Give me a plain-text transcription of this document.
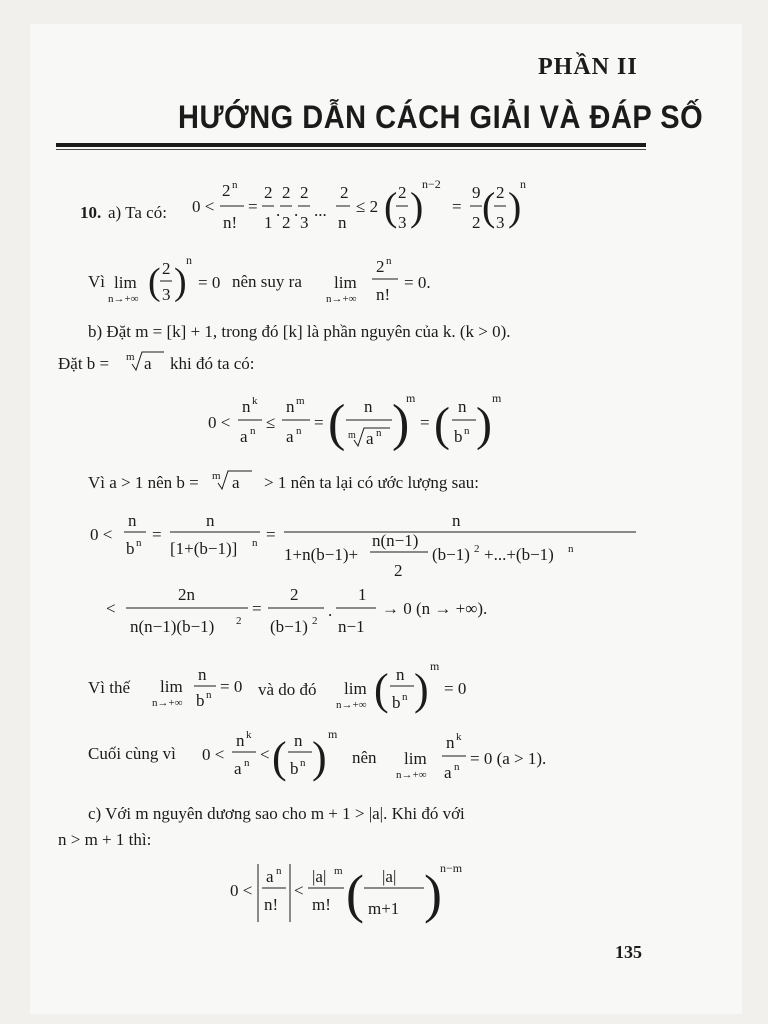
PHẦN II
HƯỚNG DẪN CÁCH GIẢI VÀ ĐÁP SỐ
10. a) Ta có: 0 <
2 n
n!
=
2
1
.
2
2
.
2
3
...
2
n
≤ 2 ( 2
3 )
n−2
=
9
2 ( 2
3 )
n
Vì lim
n→+∞ ( 2
3 )
n
= 0 nên suy ra lim
n→+∞
2 n
n!
= 0.
b) Đặt m = [k] + 1, trong đó [k] là phần nguyên của k. (k > 0).
Đặt b = m a khi đó ta có:
0 <
n k
a n ≤
n m
a n = ( n
m a n )
m
= ( n
b n ) m
Vì a > 1 nên b = m a > 1 nên ta lại có ước lượng sau:
0 <
n
b n =
n
[1+(b−1)] n =
n
1+n(b−1)+
n(n−1)
2
(b−1) 2 +...+(b−1) n
<
2n
n(n−1)(b−1) 2
=
2
(b−1) 2
.
1
n−1
→ 0 (n → +∞).
Vì thế lim
n→+∞
n
b n = 0 và do đó lim
n→+∞ ( n
b n ) m
= 0
Cuối cùng vì 0 <
n k
a n < ( n
b n ) m
nên lim
n→+∞
n k
a n = 0 (a > 1).
c) Với m nguyên dương sao cho m + 1 > |a|. Khi đó với
n > m + 1 thì:
0 <
a n
n!
<
|a| m
m! ( |a|
m+1 )
n−m
135
